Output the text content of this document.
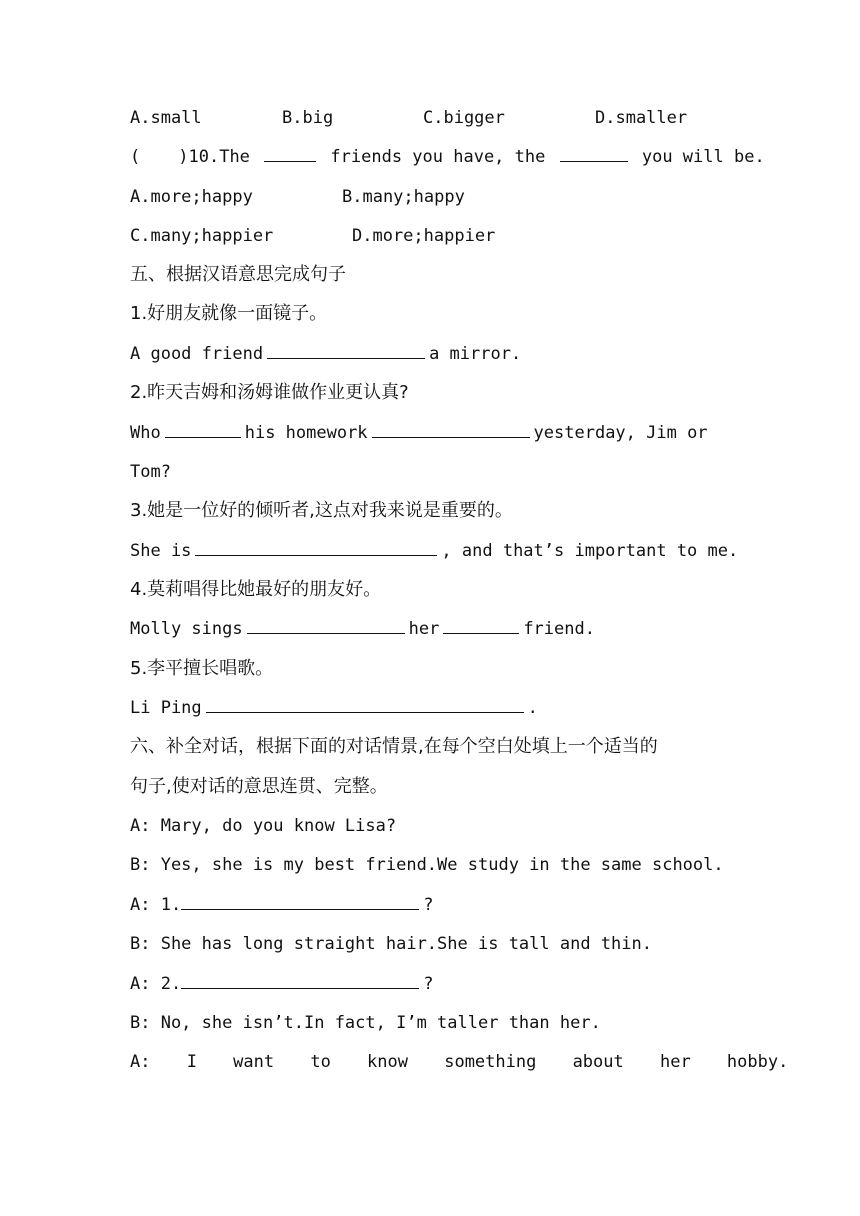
A.small	B.big	C.bigger	D.smaller
( )10.The	friends you have, the	you will be.
A.more;happy	B.many;happy
C.many;happier	D.more;happier
五、根据汉语意思完成句子
1.好朋友就像一面镜子。
A good friend	a mirror.
2.昨天吉姆和汤姆谁做作业更认真?
Who	his homework	yesterday, Jim or
Tom?
3.她是一位好的倾听者,这点对我来说是重要的。
She is	, and that’s important to me.
4.莫莉唱得比她最好的朋友好。
Molly sings	her	friend.
5.李平擅长唱歌。
Li Ping	.
六、补全对话，根据下面的对话情景,在每个空白处填上一个适当的
句子,使对话的意思连贯、完整。
A: Mary, do you know Lisa?
B: Yes, she is my best friend.We study in the same school.
A: 1.	?
B: She has long straight hair.She is tall and thin.
A: 2.	?
B: No, she isn’t.In fact, I’m taller than her.
A: I want to know something about her hobby.
